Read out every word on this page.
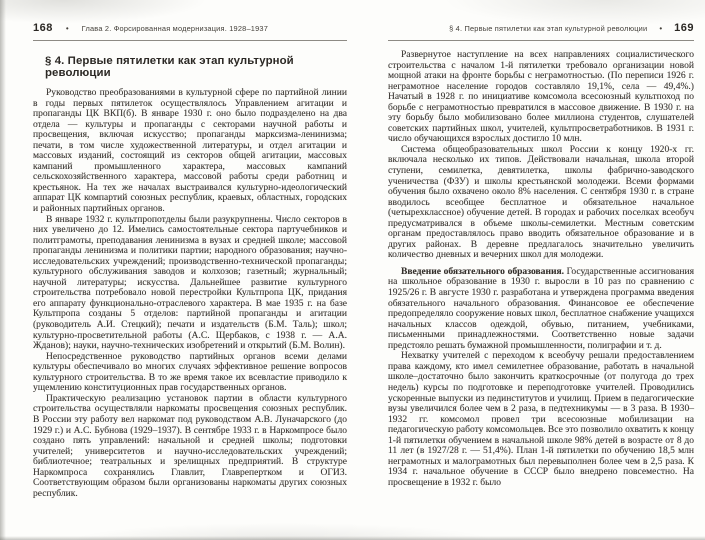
168 • Глава 2. Форсированная модернизация. 1928–1937
§ 4. Первые пятилетки как этап культурной революции

Руководство преобразованиями в культурной сфере по партийной линии в годы первых пятилеток осуществлялось Управлением агитации и пропаганды ЦК ВКП(б). В январе 1930 г. оно было подразделено на два отдела — культуры и пропаганды с секторами научной работы и просвещения, включая искусство; пропаганды марксизма-ленинизма; печати, в том числе художественной литературы, и отдел агитации и массовых изданий, состоящий из секторов общей агитации, массовых кампаний промышленного характера, массовых кампаний сельскохозяйственного характера, массовой работы среди работниц и крестьянок. На тех же началах выстраивался культурно-идеологический аппарат ЦК компартий союзных республик, краевых, областных, городских и районных партийных органов.

В январе 1932 г. культпропотделы были разукрупнены. Число секторов в них увеличено до 12. Имелись самостоятельные сектора партучебников и политграмоты, преподавания ленинизма в вузах и средней школе; массовой пропаганды ленинизма и политики партии; народного образования; научно-исследовательских учреждений; производственно-технической пропаганды; культурного обслуживания заводов и колхозов; газетный; журнальный; научной литературы; искусства. Дальнейшее развитие культурного строительства потребовало новой перестройки Культпропа ЦК, придания его аппарату функционально-отраслевого характера. В мае 1935 г. на базе Культпропа созданы 5 отделов: партийной пропаганды и агитации (руководитель А.И. Стецкий); печати и издательств (Б.М. Таль); школ; культурно-просветительной работы (А.С. Щербаков, с 1938 г. — А.А. Жданов); науки, научно-технических изобретений и открытий (Б.М. Волин).

Непосредственное руководство партийных органов всеми делами культуры обеспечивало во многих случаях эффективное решение вопросов культурного строительства. В то же время такое их всевластие приводило к ущемлению конституционных прав государственных органов.

Практическую реализацию установок партии в области культурного строительства осуществляли наркоматы просвещения союзных республик. В России эту работу вел наркомат под руководством А.В. Луначарского (до 1929 г.) и А.С. Бубнова (1929–1937). В сентябре 1933 г. в Наркомпросе было создано пять управлений: начальной и средней школы; подготовки учителей; университетов и научно-исследовательских учреждений; библиотечное; театральных и зрелищных предприятий. В структуре Наркомпроса сохранялись Главлит, Главрепертком и ОГИЗ. Соответствующим образом были организованы наркоматы других союзных республик.

§ 4. Первые пятилетки как этап культурной революции • 169

Развернутое наступление на всех направлениях социалистического строительства с началом 1-й пятилетки требовало организации новой мощной атаки на фронте борьбы с неграмотностью. (По переписи 1926 г. неграмотное население городов составляло 19,1%, села — 49,4%.) Начатый в 1928 г. по инициативе комсомола всесоюзный культпоход по борьбе с неграмотностью превратился в массовое движение. В 1930 г. на эту борьбу было мобилизовано более миллиона студентов, слушателей советских партийных школ, учителей, культпросветработников. В 1931 г. число обучающихся взрослых достигло 10 млн.

Система общеобразовательных школ России к концу 1920-х гг. включала несколько их типов. Действовали начальная, школа второй ступени, семилетка, девятилетка, школы фабрично-заводского ученичества (ФЗУ) и школы крестьянской молодежи. Всеми формами обучения было охвачено около 8% населения. С сентября 1930 г. в стране вводилось всеобщее бесплатное и обязательное начальное (четырехклассное) обучение детей. В городах и рабочих поселках всеобуч предусматривался в объеме школы-семилетки. Местным советским органам предоставлялось право вводить обязательное образование и в других районах. В деревне предлагалось значительно увеличить количество дневных и вечерних школ для молодежи.

Введение обязательного образования. Государственные ассигнования на школьное образование в 1930 г. выросли в 10 раз по сравнению с 1925/26 г. В августе 1930 г. разработана и утверждена программа введения обязательного начального образования. Финансовое ее обеспечение предопределяло сооружение новых школ, бесплатное снабжение учащихся начальных классов одеждой, обувью, питанием, учебниками, письменными принадлежностями. Соответственно новые задачи предстояло решать бумажной промышленности, полиграфии и т. д.

Нехватку учителей с переходом к всеобучу решали предоставлением права каждому, кто имел семилетнее образование, работать в начальной школе–достаточно было закончить краткосрочные (от полугода до трех недель) курсы по подготовке и переподготовке учителей. Проводились ускоренные выпуски из пединститутов и училищ. Прием в педагогические вузы увеличился более чем в 2 раза, в педтехникумы — в 3 раза. В 1930–1932 гг. комсомол провел три всесоюзные мобилизации на педагогическую работу комсомольцев. Все это позволило охватить к концу 1-й пятилетки обучением в начальной школе 98% детей в возрасте от 8 до 11 лет (в 1927/28 г. — 51,4%). План 1-й пятилетки по обучению 18,5 млн неграмотных и малограмотных был перевыполнен более чем в 2,5 раза. К 1934 г. начальное обучение в СССР было внедрено повсеместно. На просвещение в 1932 г. было
